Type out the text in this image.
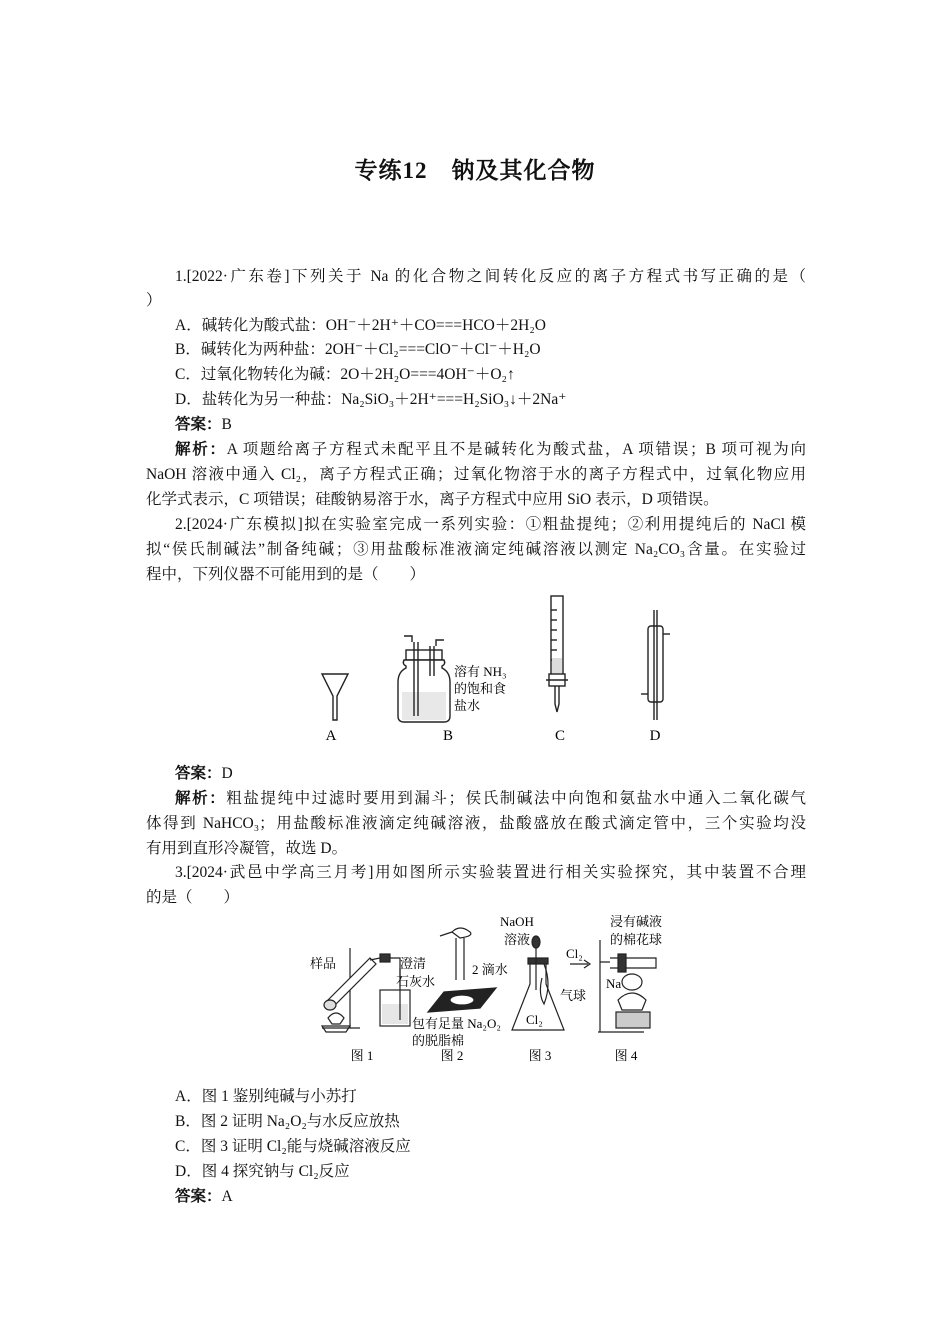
专练12　钠及其化合物
1.[2022·广东卷]下列关于 Na 的化合物之间转化反应的离子方程式书写正确的是（
）
A．碱转化为酸式盐：OH⁻＋2H⁺＋CO===HCO＋2H₂O
B．碱转化为两种盐：2OH⁻＋Cl₂===ClO⁻＋Cl⁻＋H₂O
C．过氧化物转化为碱：2O＋2H₂O===4OH⁻＋O₂↑
D．盐转化为另一种盐：Na₂SiO₃＋2H⁺===H₂SiO₃↓＋2Na⁺
答案：B
解析：A 项题给离子方程式未配平且不是碱转化为酸式盐，A 项错误；B 项可视为向
NaOH 溶液中通入 Cl₂，离子方程式正确；过氧化物溶于水的离子方程式中，过氧化物应用
化学式表示，C 项错误；硅酸钠易溶于水，离子方程式中应用 SiO 表示，D 项错误。
2.[2024·广东模拟]拟在实验室完成一系列实验：①粗盐提纯；②利用提纯后的 NaCl 模
拟“侯氏制碱法”制备纯碱；③用盐酸标准液滴定纯碱溶液以测定 Na₂CO₃含量。在实验过
程中，下列仪器不可能用到的是（　　）
A
溶有 NH₃
的饱和食
盐水
B	C	D
答案：D
解析：粗盐提纯中过滤时要用到漏斗；侯氏制碱法中向饱和氨盐水中通入二氧化碳气
体得到 NaHCO₃；用盐酸标准液滴定纯碱溶液，盐酸盛放在酸式滴定管中，三个实验均没
有用到直形冷凝管，故选 D。
3.[2024·武邑中学高三月考]用如图所示实验装置进行相关实验探究，其中装置不合理
的是（　　）
样品	澄清
石灰水
2 滴水
包有足量 Na₂O₂
的脱脂棉
NaOH
溶液
气球
Cl₂
Cl₂
浸有碱液
的棉花球
Na
图 1	图 2	图 3	图 4
A．图 1 鉴别纯碱与小苏打
B．图 2 证明 Na₂O₂与水反应放热
C．图 3 证明 Cl₂能与烧碱溶液反应
D．图 4 探究钠与 Cl₂反应
答案：A
